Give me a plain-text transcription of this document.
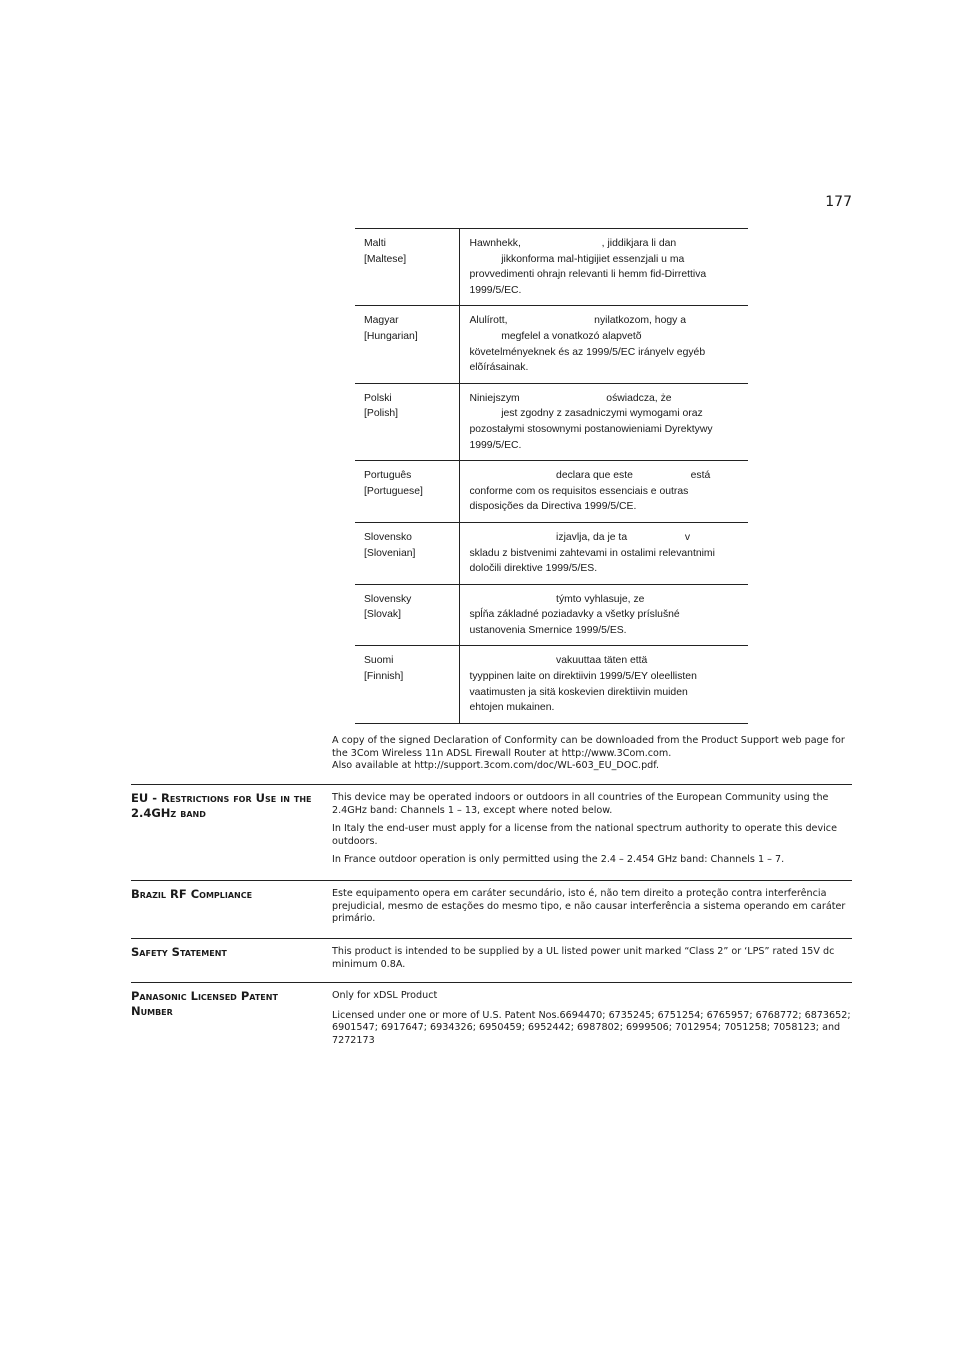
177
Malti
[Maltese]	Hawnhekk,                            , jiddikjara li dan
jikkonforma mal-htigijiet essenzjali u ma
provvedimenti ohrajn relevanti li hemm fid-Dirrettiva
1999/5/EC.

Magyar
[Hungarian]	Alulírott,                              nyilatkozom, hogy a
megfelel a vonatkozó alapvetõ
követelményeknek és az 1999/5/EC irányelv egyéb
elõírásainak.

Polski
[Polish]	Niniejszym                              oświadcza, że
jest zgodny z zasadniczymi wymogami oraz
pozostałymi stosownymi postanowieniami Dyrektywy
1999/5/EC.

Português
[Portuguese]	declara que este                    está
conforme com os requisitos essenciais e outras
disposições da Directiva 1999/5/CE.

Slovensko
[Slovenian]	izjavlja, da je ta                    v
skladu z bistvenimi zahtevami in ostalimi relevantnimi
določili direktive 1999/5/ES.

Slovensky
[Slovak]	týmto vyhlasuje, ze
spĺňa základné poziadavky a všetky príslušné
ustanovenia Smernice 1999/5/ES.

Suomi
[Finnish]	vakuuttaa täten että
tyyppinen laite on direktiivin 1999/5/EY oleellisten
vaatimusten ja sitä koskevien direktiivin muiden
ehtojen mukainen.

A copy of the signed Declaration of Conformity can be downloaded from the Product Support web page for the 3Com Wireless 11n ADSL Firewall Router at http://www.3Com.com.

Also available at http://support.3com.com/doc/WL-603_EU_DOC.pdf.

EU - Restrictions for Use in the 2.4GHz band

This device may be operated indoors or outdoors in all countries of the European Community using the 2.4GHz band: Channels 1 – 13, except where noted below.

In Italy the end-user must apply for a license from the national spectrum authority to operate this device outdoors.

In France outdoor operation is only permitted using the 2.4 – 2.454 GHz band: Channels 1 – 7.

Brazil RF Compliance	Este equipamento opera em caráter secundário, isto é, não tem direito a proteção contra interferência prejudicial, mesmo de estações do mesmo tipo, e não causar interferência a sistema operando em caráter primário.

Safety Statement	This product is intended to be supplied by a UL listed power unit marked “Class 2” or ‘LPS” rated 15V dc minimum 0.8A.

Panasonic Licensed Patent Number

Only for xDSL Product

Licensed under one or more of U.S. Patent Nos.6694470; 6735245; 6751254; 6765957; 6768772; 6873652; 6901547; 6917647; 6934326; 6950459; 6952442; 6987802; 6999506; 7012954; 7051258; 7058123; and 7272173
